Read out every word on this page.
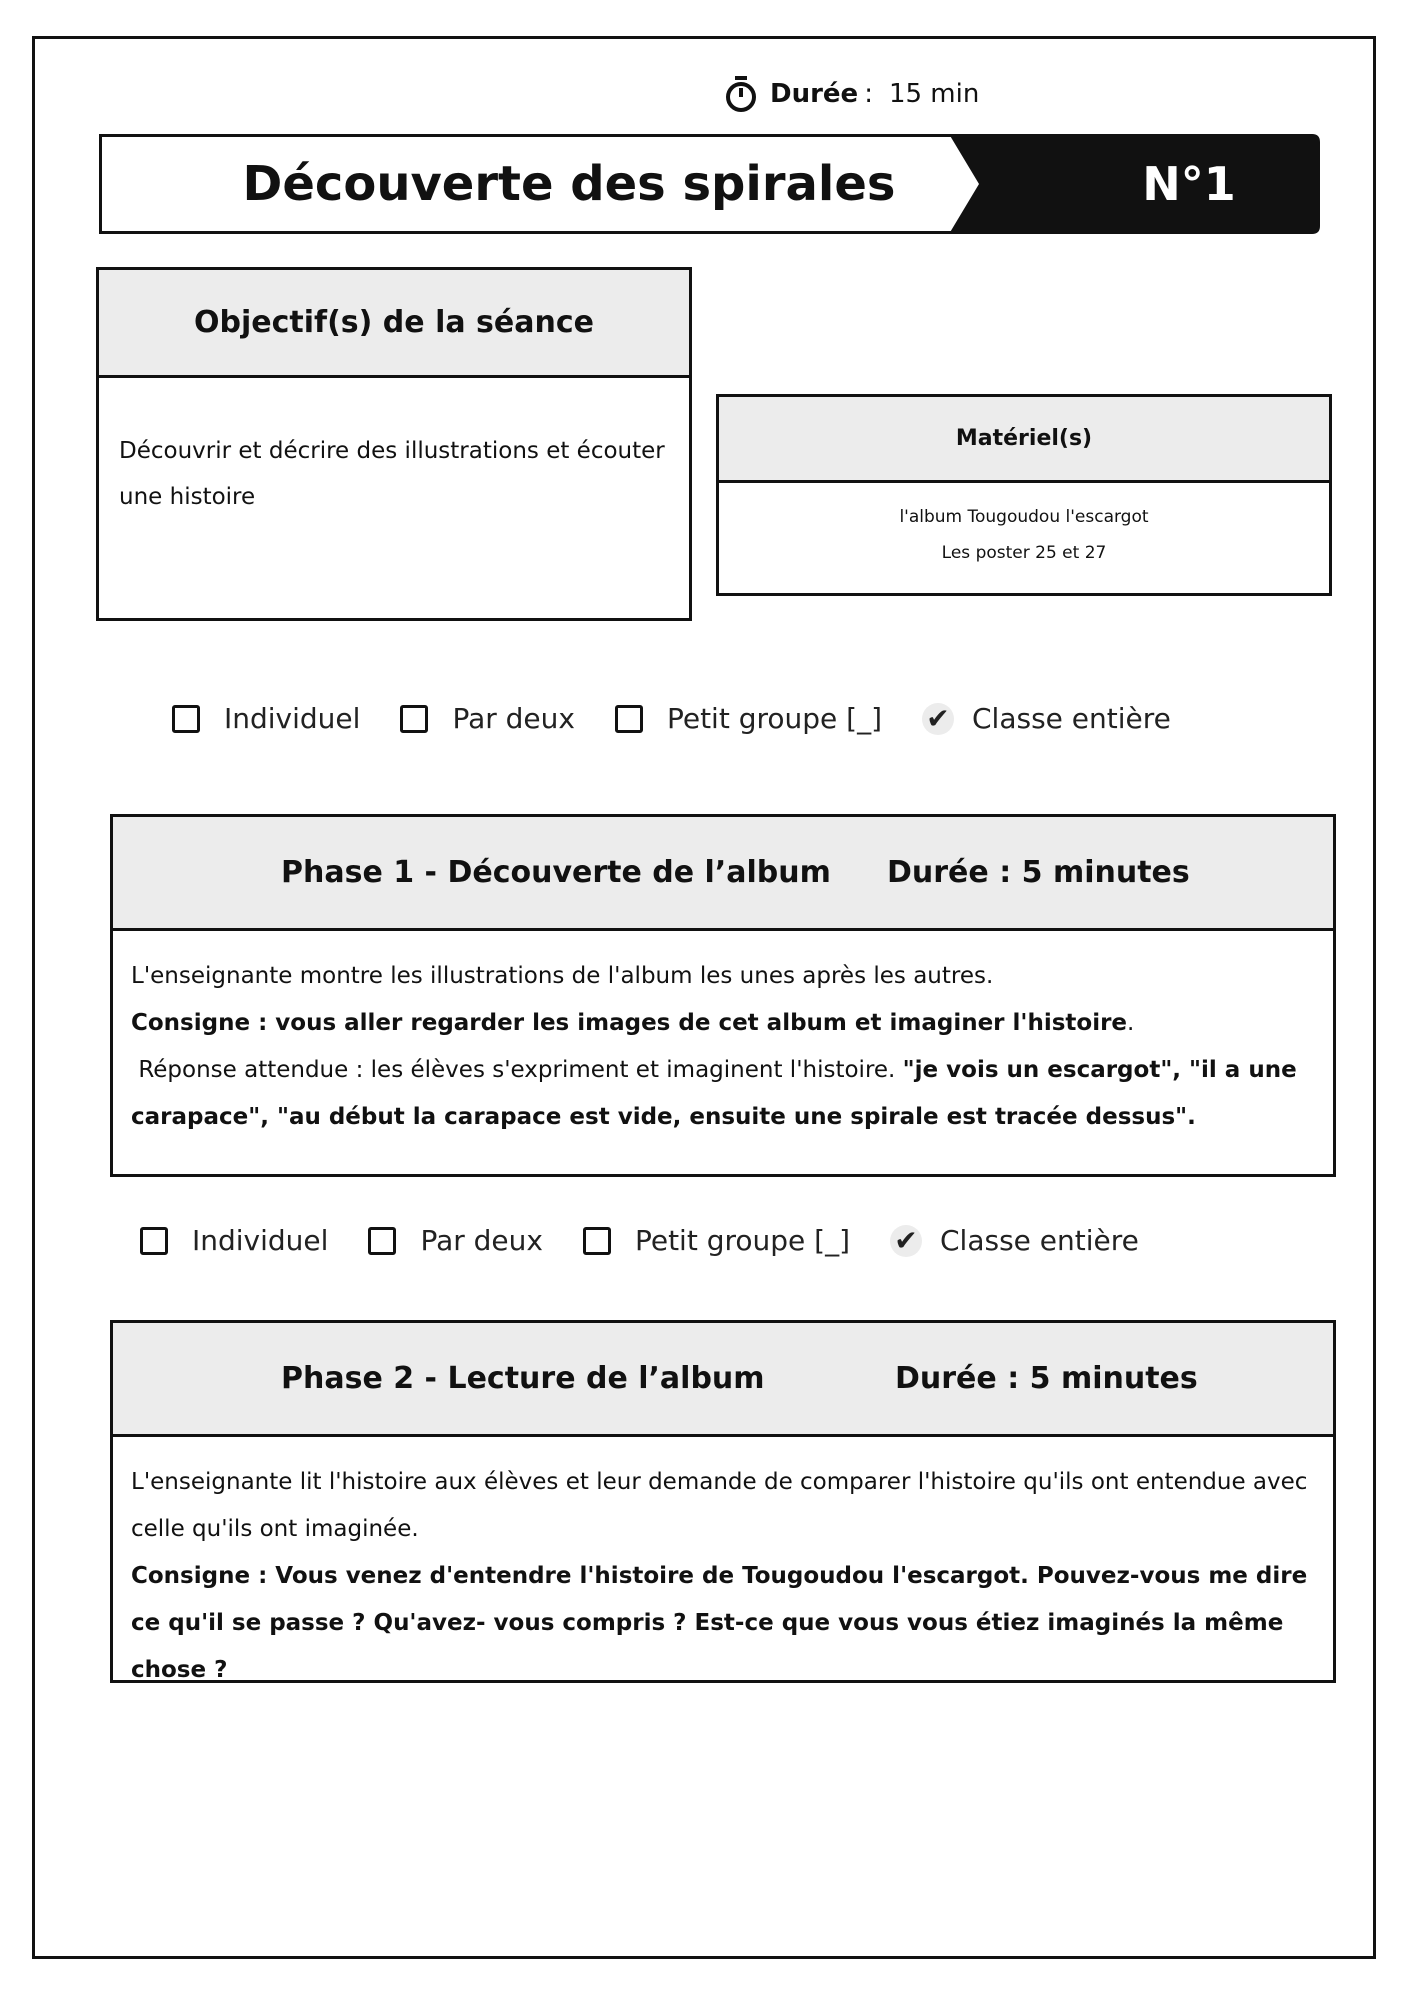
Durée : 15 min
Découverte des spirales	N°1
Objectif(s) de la séance
Découvrir et décrire des illustrations et écouter une histoire
Matériel(s)
l'album Tougoudou l'escargot
Les poster 25 et 27
Individuel	Par deux	Petit groupe [_] ✔ Classe entière
Phase 1 - Découverte de l’album Durée : 5 minutes
L'enseignante montre les illustrations de l'album les unes après les autres.
Consigne : vous aller regarder les images de cet album et imaginer l'histoire.
Réponse attendue : les élèves s'expriment et imaginent l'histoire. "je vois un escargot", "il a une carapace", "au début la carapace est vide, ensuite une spirale est tracée dessus".
Individuel	Par deux	Petit groupe [_] ✔ Classe entière
Phase 2 - Lecture de l’album	Durée : 5 minutes
L'enseignante lit l'histoire aux élèves et leur demande de comparer l'histoire qu'ils ont entendue avec celle qu'ils ont imaginée.
Consigne : Vous venez d'entendre l'histoire de Tougoudou l'escargot. Pouvez-vous me dire ce qu'il se passe ? Qu'avez- vous compris ? Est-ce que vous vous étiez imaginés la même chose ?
